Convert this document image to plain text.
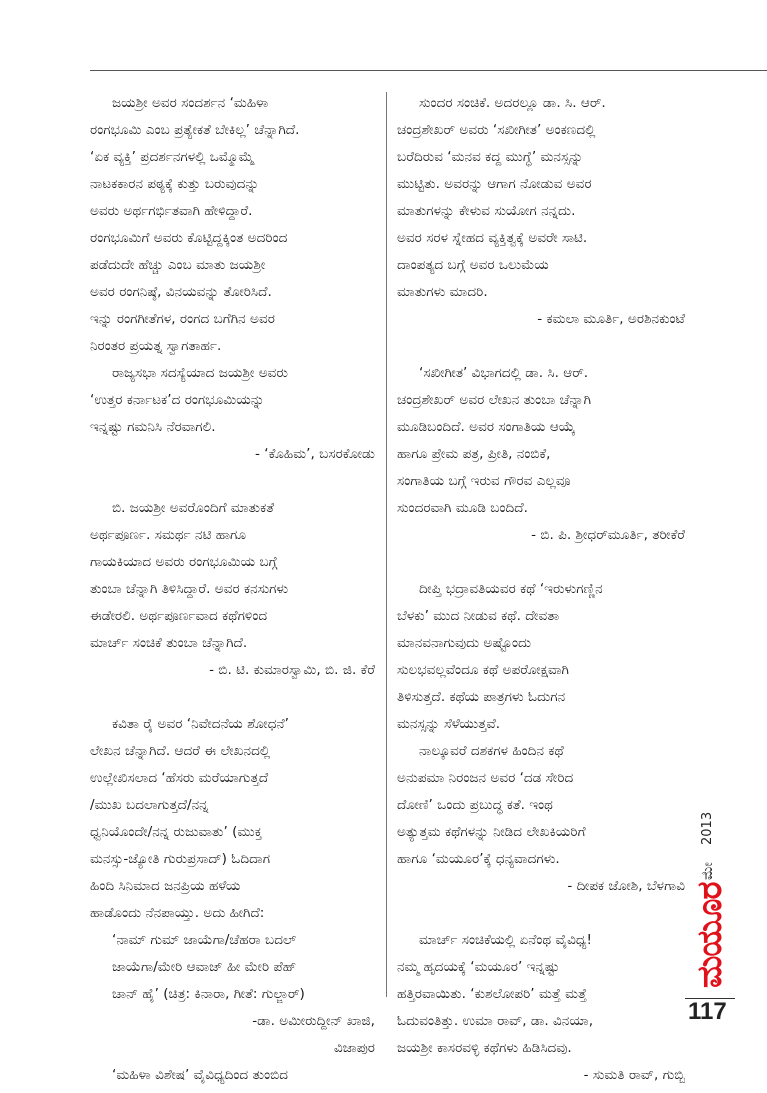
ಜಯಶ್ರೀ ಅವರ ಸಂದರ್ಶನ ‘ಮಹಿಳಾ

ರಂಗಭೂಮಿ ಎಂಬ ಪ್ರತ್ಯೇಕತೆ ಬೇಕಿಲ್ಲ’ ಚೆನ್ನಾಗಿದೆ.

‘ಏಕ ವ್ಯಕ್ತಿ’ ಪ್ರದರ್ಶನಗಳಲ್ಲಿ ಒಮ್ಮೊಮ್ಮೆ

ನಾಟಕಕಾರನ ಪಠ್ಯಕ್ಕೆ ಕುತ್ತು ಬರುವುದನ್ನು

ಅವರು ಅರ್ಥಗರ್ಭಿತವಾಗಿ ಹೇಳಿದ್ದಾರೆ.

ರಂಗಭೂಮಿಗೆ ಅವರು ಕೊಟ್ಟಿದ್ದಕ್ಕಿಂತ ಅದರಿಂದ

ಪಡೆದುದೇ ಹೆಚ್ಚು ಎಂಬ ಮಾತು ಜಯಶ್ರೀ

ಅವರ ರಂಗನಿಷ್ಠೆ, ವಿನಯವನ್ನು ತೋರಿಸಿದೆ.

ಇನ್ನು ರಂಗಗೀತೆಗಳ, ರಂಗದ ಬಗೆಗಿನ ಅವರ

ನಿರಂತರ ಪ್ರಯತ್ನ ಸ್ವಾಗತಾರ್ಹ.

ರಾಜ್ಯಸಭಾ ಸದಸ್ಯೆಯಾದ ಜಯಶ್ರೀ ಅವರು

‘ಉತ್ತರ ಕರ್ನಾಟಕ’ದ ರಂಗಭೂಮಿಯನ್ನು

ಇನ್ನಷ್ಟು ಗಮನಿಸಿ ನೆರವಾಗಲಿ.

- ‘ಕೊಹಿಮ’, ಬಸರಕೋಡು

ಬಿ. ಜಯಶ್ರೀ ಅವರೊಂದಿಗೆ ಮಾತುಕತೆ

ಅರ್ಥಪೂರ್ಣ. ಸಮರ್ಥ ನಟಿ ಹಾಗೂ

ಗಾಯಕಿಯಾದ ಅವರು ರಂಗಭೂಮಿಯ ಬಗ್ಗೆ

ತುಂಬಾ ಚೆನ್ನಾಗಿ ತಿಳಿಸಿದ್ದಾರೆ. ಅವರ ಕನಸುಗಳು

ಈಡೇರಲಿ. ಅರ್ಥಪೂರ್ಣವಾದ ಕಥೆಗಳಿಂದ

ಮಾರ್ಚ್ ಸಂಚಿಕೆ ತುಂಬಾ ಚೆನ್ನಾಗಿದೆ.

- ಬಿ. ಟಿ. ಕುಮಾರಸ್ವಾಮಿ, ಬಿ. ಜಿ. ಕೆರೆ

ಕವಿತಾ ರೈ ಅವರ ‘ನಿವೇದನೆಯ ಶೋಧನೆ’

ಲೇಖನ ಚೆನ್ನಾಗಿದೆ. ಆದರೆ ಈ ಲೇಖನದಲ್ಲಿ

ಉಲ್ಲೇಖಿಸಲಾದ ‘ಹೆಸರು ಮರೆಯಾಗುತ್ತದೆ

/ಮುಖ ಬದಲಾಗುತ್ತದೆ/ನನ್ನ

ಧ್ವನಿಯೊಂದೇ/ನನ್ನ ರುಜುವಾತು’ (ಮುಕ್ತ

ಮನಸ್ಸು-ಜ್ಯೋತಿ ಗುರುಪ್ರಸಾದ್) ಓದಿದಾಗ

ಹಿಂದಿ ಸಿನಿಮಾದ ಜನಪ್ರಿಯ ಹಳೆಯ

ಹಾಡೊಂದು ನೆನಪಾಯ್ತು. ಅದು ಹೀಗಿದೆ:

‘ನಾಮ್ ಗುಮ್ ಜಾಯೆಗಾ/ಚೆಹರಾ ಬದಲ್

ಜಾಯೆಗಾ/ಮೇರಿ ಆವಾಜ್ ಹೀ ಮೇರಿ ಪೆಹ್

ಚಾನ್ ಹೈ’ (ಚಿತ್ರ: ಕಿನಾರಾ, ಗೀತೆ: ಗುಲ್ಜಾರ್)

-ಡಾ. ಅಮೀರುದ್ದೀನ್ ಖಾಜಿ,

ವಿಜಾಪುರ

‘ಮಹಿಳಾ ವಿಶೇಷ’ ವೈವಿಧ್ಯದಿಂದ ತುಂಬಿದ

ಸುಂದರ ಸಂಚಿಕೆ. ಅದರಲ್ಲೂ ಡಾ. ಸಿ. ಆರ್.

ಚಂದ್ರಶೇಖರ್ ಅವರು ‘ಸಖೀಗೀತ’ ಅಂಕಣದಲ್ಲಿ

ಬರೆದಿರುವ ‘ಮನವ ಕದ್ದ ಮುಗ್ಧೆ’ ಮನಸ್ಸನ್ನು

ಮುಟ್ಟಿತು. ಅವರನ್ನು ಆಗಾಗ ನೋಡುವ ಅವರ

ಮಾತುಗಳನ್ನು ಕೇಳುವ ಸುಯೋಗ ನನ್ನದು.

ಅವರ ಸರಳ ಸ್ನೇಹದ ವ್ಯಕ್ತಿತ್ವಕ್ಕೆ ಅವರೇ ಸಾಟಿ.

ದಾಂಪತ್ಯದ ಬಗ್ಗೆ ಅವರ ಒಲುಮೆಯ

ಮಾತುಗಳು ಮಾದರಿ.

- ಕಮಲಾ ಮೂರ್ತಿ, ಅರಶಿನಕುಂಟೆ

‘ಸಖೀಗೀತ’ ವಿಭಾಗದಲ್ಲಿ ಡಾ. ಸಿ. ಆರ್.

ಚಂದ್ರಶೇಖರ್ ಅವರ ಲೇಖನ ತುಂಬಾ ಚೆನ್ನಾಗಿ

ಮೂಡಿಬಂದಿದೆ. ಅವರ ಸಂಗಾತಿಯ ಆಯ್ಕೆ

ಹಾಗೂ ಪ್ರೇಮ ಪತ್ರ, ಪ್ರೀತಿ, ನಂಬಿಕೆ,

ಸಂಗಾತಿಯ ಬಗ್ಗೆ ಇರುವ ಗೌರವ ಎಲ್ಲವೂ

ಸುಂದರವಾಗಿ ಮೂಡಿ ಬಂದಿದೆ.

- ಬಿ. ಪಿ. ಶ್ರೀಧರ್‌ಮೂರ್ತಿ, ತರೀಕೆರೆ

ದೀಪ್ತಿ ಭದ್ರಾವತಿಯವರ ಕಥೆ ‘ಇರುಳುಗಣ್ಣಿನ

ಬೆಳಕು’ ಮುದ ನೀಡುವ ಕಥೆ. ದೇವತಾ

ಮಾನವನಾಗುವುದು ಅಷ್ಟೊಂದು

ಸುಲಭವಲ್ಲವೆಂದೂ ಕಥೆ ಅಪರೋಕ್ಷವಾಗಿ

ತಿಳಿಸುತ್ತದೆ. ಕಥೆಯ ಪಾತ್ರಗಳು ಓದುಗನ

ಮನಸ್ಸನ್ನು ಸೆಳೆಯುತ್ತವೆ.

ನಾಲ್ಕೂವರೆ ದಶಕಗಳ ಹಿಂದಿನ ಕಥೆ

ಅನುಪಮಾ ನಿರಂಜನ ಅವರ ‘ದಡ ಸೇರಿದ

ದೋಣಿ’ ಒಂದು ಪ್ರಬುದ್ಧ ಕತೆ. ಇಂಥ

ಅತ್ಯುತ್ತಮ ಕಥೆಗಳನ್ನು ನೀಡಿದ ಲೇಖಕಿಯರಿಗೆ

ಹಾಗೂ ‘ಮಯೂರ’ಕ್ಕೆ ಧನ್ಯವಾದಗಳು.

- ದೀಪಕ ಜೋಶಿ, ಬೆಳಗಾವಿ

ಮಾರ್ಚ್ ಸಂಚಿಕೆಯಲ್ಲಿ ಏನೆಂಥ ವೈವಿಧ್ಯ!

ನಮ್ಮ ಹೃದಯಕ್ಕೆ ‘ಮಯೂರ’ ಇನ್ನಷ್ಟು

ಹತ್ತಿರವಾಯಿತು. ‘ಕುಶಲೋಪರಿ’ ಮತ್ತೆ ಮತ್ತೆ

ಓದುವಂತಿತ್ತು. ಉಮಾ ರಾವ್, ಡಾ. ವಿನಯಾ,

ಜಯಶ್ರೀ ಕಾಸರವಳ್ಳಿ ಕಥೆಗಳು ಹಿಡಿಸಿದವು.

- ಸುಮತಿ ರಾವ್, ಗುಬ್ಬಿ

2013
ಮೇ
ಮಯೂರ
117
